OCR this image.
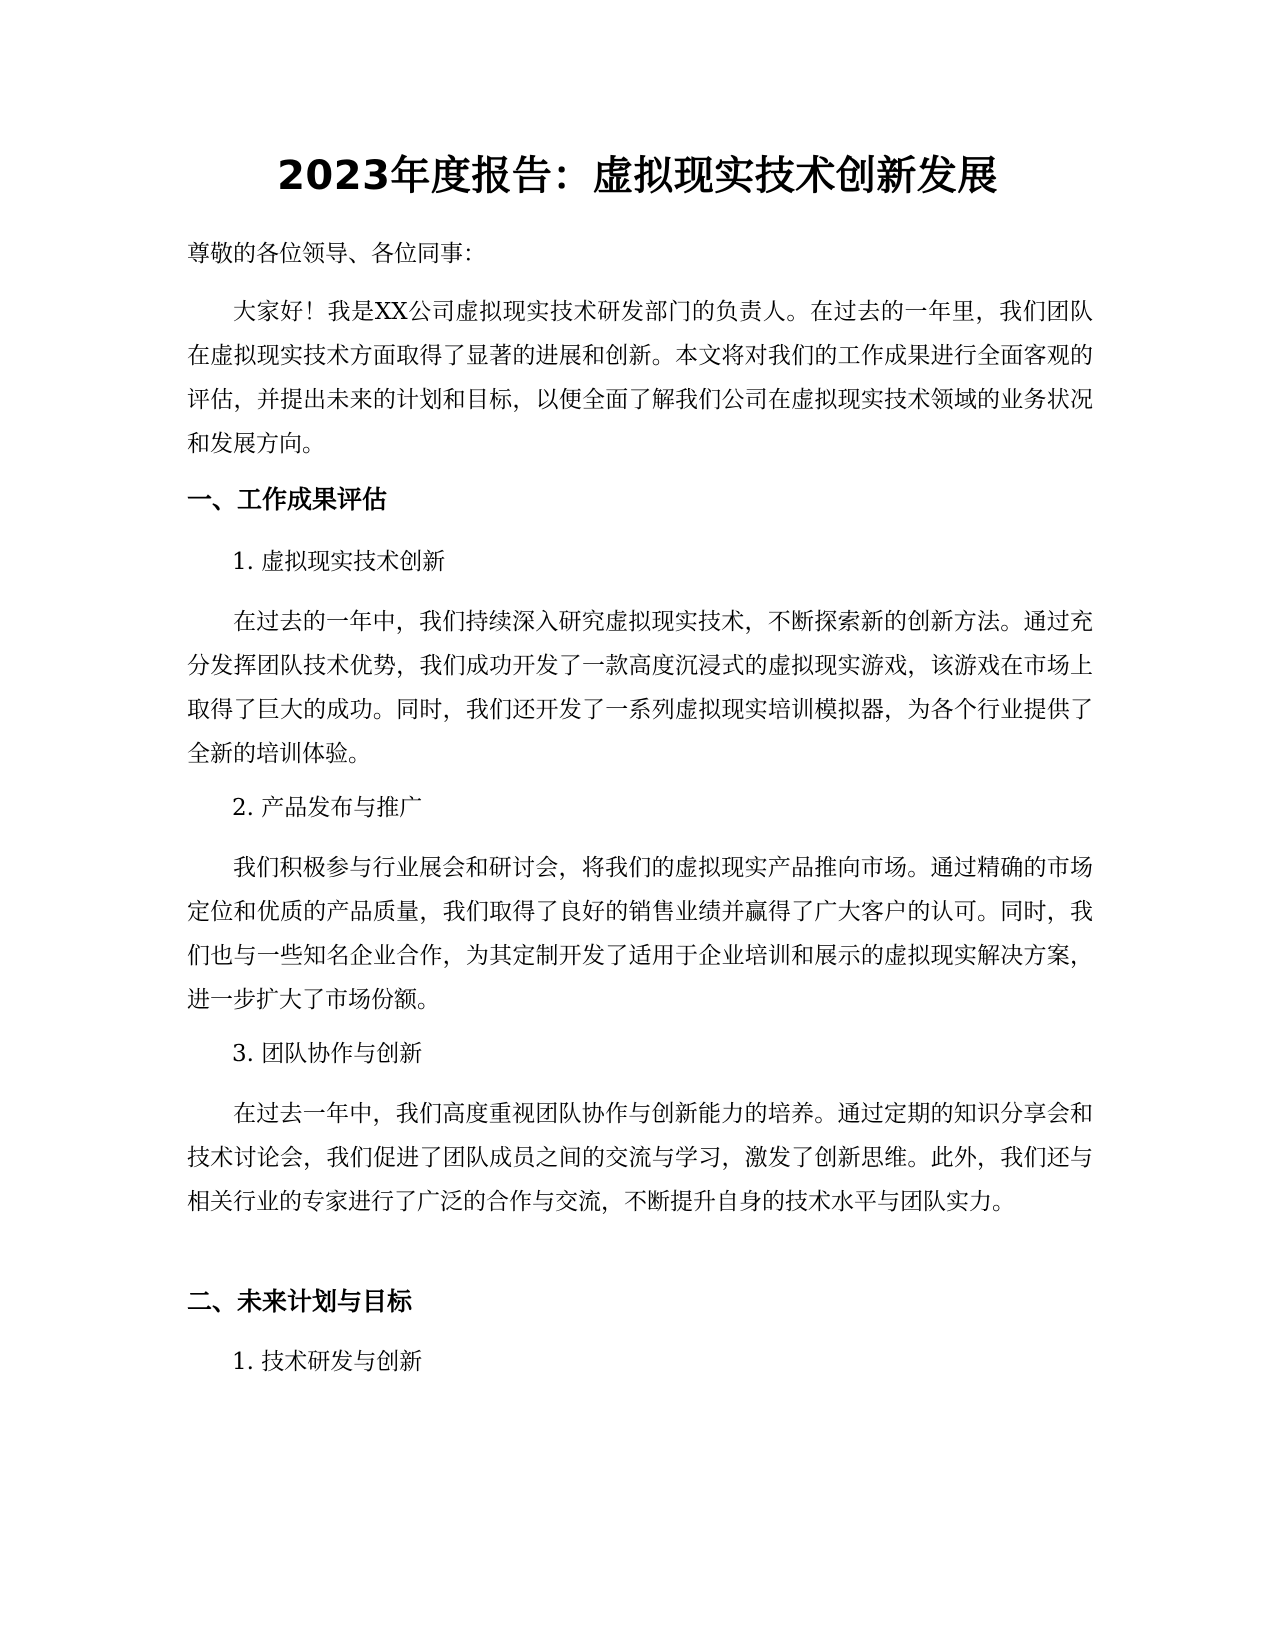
2023年度报告：虚拟现实技术创新发展

尊敬的各位领导、各位同事：

大家好！我是XX公司虚拟现实技术研发部门的负责人。在过去的一年里，我们团队在虚拟现实技术方面取得了显著的进展和创新。本文将对我们的工作成果进行全面客观的评估，并提出未来的计划和目标，以便全面了解我们公司在虚拟现实技术领域的业务状况和发展方向。

一、工作成果评估

1. 虚拟现实技术创新

在过去的一年中，我们持续深入研究虚拟现实技术，不断探索新的创新方法。通过充分发挥团队技术优势，我们成功开发了一款高度沉浸式的虚拟现实游戏，该游戏在市场上取得了巨大的成功。同时，我们还开发了一系列虚拟现实培训模拟器，为各个行业提供了全新的培训体验。

2. 产品发布与推广

我们积极参与行业展会和研讨会，将我们的虚拟现实产品推向市场。通过精确的市场定位和优质的产品质量，我们取得了良好的销售业绩并赢得了广大客户的认可。同时，我们也与一些知名企业合作，为其定制开发了适用于企业培训和展示的虚拟现实解决方案，进一步扩大了市场份额。

3. 团队协作与创新

在过去一年中，我们高度重视团队协作与创新能力的培养。通过定期的知识分享会和技术讨论会，我们促进了团队成员之间的交流与学习，激发了创新思维。此外，我们还与相关行业的专家进行了广泛的合作与交流，不断提升自身的技术水平与团队实力。

二、未来计划与目标

1. 技术研发与创新
